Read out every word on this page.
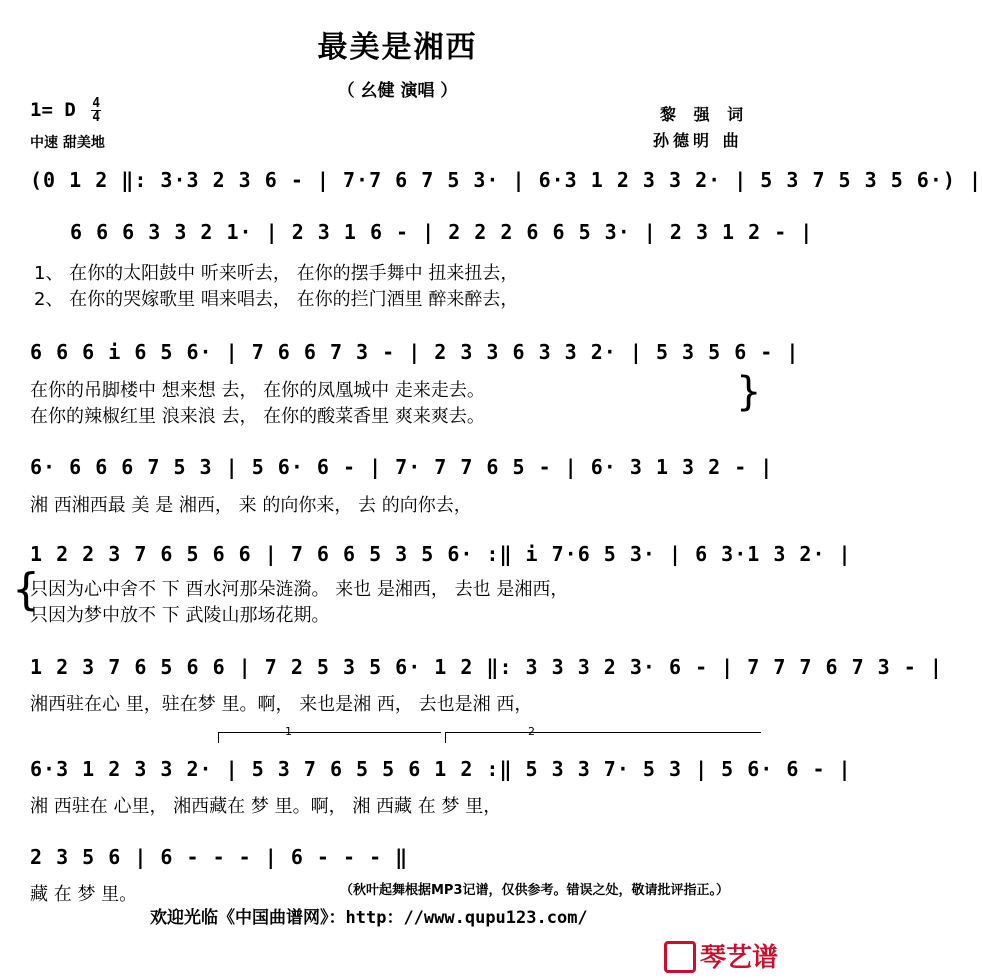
最美是湘西
（ 幺健 演唱 ）
1= D $\frac{4}{4}$
中速 甜美地
黎 强 词
孙德明 曲
(0 1 2 ‖: 3·3 2 3 6 - | 7·7 6 7 5 3· | 6·3 1 2 3 3 2· | 5 3 7 5 3 5 6·) |
6 6 6 3 3 2 1· | 2 3 1 6 - | 2 2 2 6 6 5 3· | 2 3 1 2 - |
1、 在你的太阳鼓中 听来听去， 在你的摆手舞中 扭来扭去，
2、 在你的哭嫁歌里 唱来唱去， 在你的拦门酒里 醉来醉去，
6 6 6 i 6 5 6· | 7 6 6 7 3 - | 2 3 3 6 3 3 2· | 5 3 5 6 - |
在你的吊脚楼中 想来想 去， 在你的凤凰城中 走来走去。
在你的辣椒红里 浪来浪 去， 在你的酸菜香里 爽来爽去。
}
6· 6 6 6 7 5 3 | 5 6· 6 - | 7· 7 7 6 5 - | 6· 3 1 3 2 - |
湘 西湘西最 美 是 湘西， 来 的向你来， 去 的向你去，
1 2 2 3 7 6 5 6 6 | 7 6 6 5 3 5 6· :‖ i 7·6 5 3· | 6 3·1 3 2· |
{
只因为心中舍不 下 酉水河那朵涟漪。 来也 是湘西， 去也 是湘西，
只因为梦中放不 下 武陵山那场花期。
1 2 3 7 6 5 6 6 | 7 2 5 3 5 6· 1 2 ‖: 3 3 3 2 3· 6 - | 7 7 7 6 7 3 - |
湘西驻在心 里，驻在梦 里。啊， 来也是湘 西， 去也是湘 西，
1	2
6·3 1 2 3 3 2· | 5 3 7 6 5 5 6 1 2 :‖ 5 3 3 7· 5 3 | 5 6· 6 - |
湘 西驻在 心里， 湘西藏在 梦 里。啊， 湘 西藏 在 梦 里，
2 3 5 6 | 6 - - - | 6 - - - ‖
藏 在 梦 里。	（秋叶起舞根据MP3记谱，仅供参考。错误之处，敬请批评指正。）
欢迎光临《中国曲谱网》：http：//www.qupu123.com/
琴艺谱
